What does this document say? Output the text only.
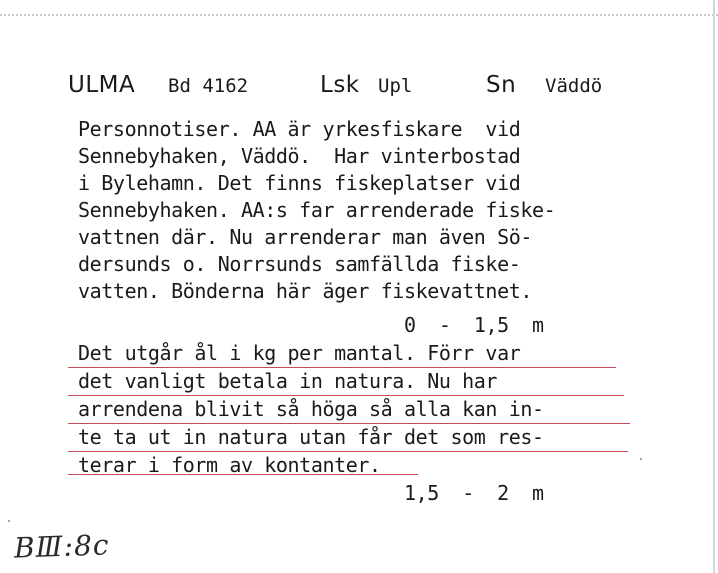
ULMA Bd 4162	Lsk Upl	Sn Väddö
Personnotiser. AA är yrkesfiskare  vid
Sennebyhaken, Väddö.  Har vinterbostad
i Bylehamn. Det finns fiskeplatser vid
Sennebyhaken. AA:s far arrenderade fiske-
vattnen där. Nu arrenderar man även Sö-
dersunds o. Norrsunds samfällda fiske-
vatten. Bönderna här äger fiskevattnet.
0  -  1,5  m
Det utgår ål i kg per mantal. Förr var
det vanligt betala in natura. Nu har
arrendena blivit så höga så alla kan in-
te ta ut in natura utan får det som res-
terar i form av kontanter.
1,5  -  2  m
BⅢ:8c
